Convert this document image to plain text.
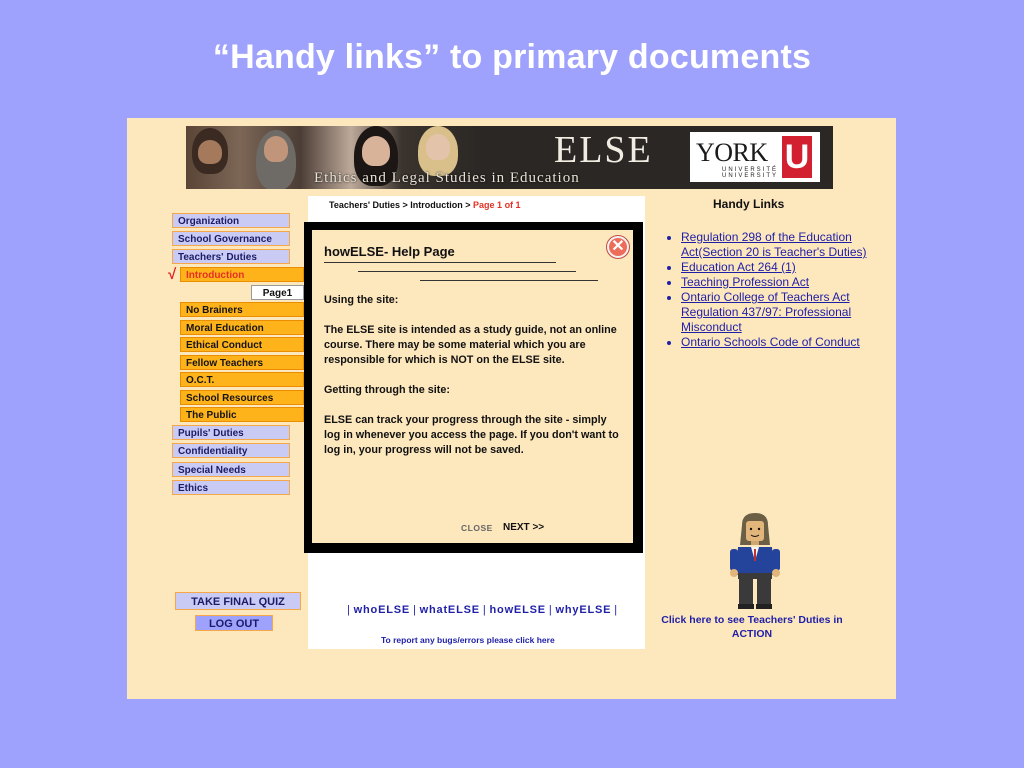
“Handy links” to primary documents
ELSE
Ethics and Legal Studies in Education
YORK
UNIVERSITÉ
UNIVERSITY U
Organization
School Governance
Teachers' Duties
√ Introduction
Page1
No Brainers
Moral Education
Ethical Conduct
Fellow Teachers
O.C.T.
School Resources
The Public
Pupils' Duties
Confidentiality
Special Needs
Ethics
TAKE FINAL QUIZ
LOG OUT
Teachers' Duties > Introduction > Page 1 of 1
howELSE- Help Page	✕

Using the site:

The ELSE site is intended as a study guide, not an online course. There may be some material which you are responsible for which is NOT on the ELSE site.

Getting through the site:

ELSE can track your progress through the site - simply log in whenever you access the page. If you don't want to log in, your progress will not be saved.

CLOSE NEXT >>
| whoELSE | whatELSE | howELSE | whyELSE |
To report any bugs/errors please click here
Handy Links
• Regulation 298 of the Education Act(Section 20 is Teacher's Duties)
• Education Act 264 (1)
• Teaching Profession Act
• Ontario College of Teachers Act Regulation 437/97: Professional Misconduct
• Ontario Schools Code of Conduct
Click here to see Teachers' Duties in ACTION
